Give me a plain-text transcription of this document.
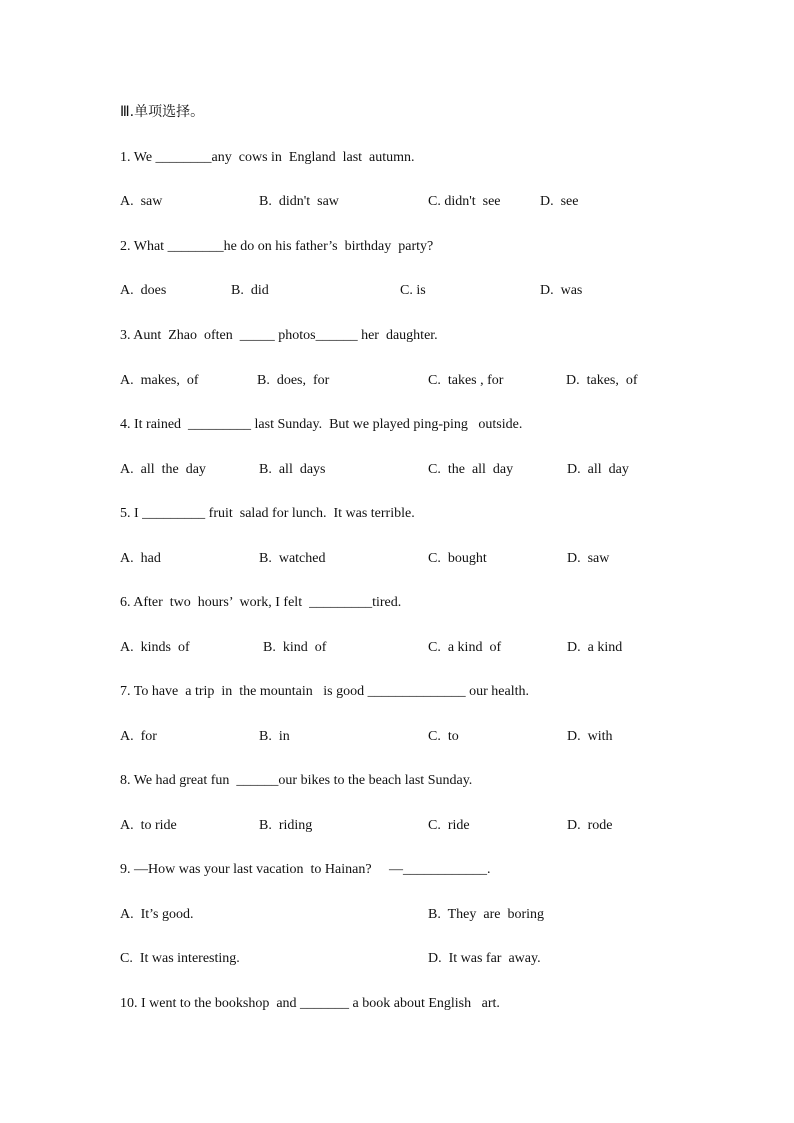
Ⅲ.单项选择。
1. We ________any  cows in  England  last  autumn.
A.  saw	B.  didn't  saw	C. didn't  see	D.  see
2. What ________he do on his father’s  birthday  party?
A.  does	B.  did	C. is	D.  was
3. Aunt  Zhao  often  _____ photos______ her  daughter.
A.  makes,  of	B.  does,  for	C.  takes , for	D.  takes,  of
4. It rained  _________ last Sunday.  But we played ping-ping   outside.
A.  all  the  day	B.  all  days	C.  the  all  day	D.  all  day
5. I _________ fruit  salad for lunch.  It was terrible.
A.  had	B.  watched	C.  bought	D.  saw
6. After  two  hours’  work, I felt  _________tired.
A.  kinds  of	B.  kind  of	C.  a kind  of	D.  a kind
7. To have  a trip  in  the mountain   is good ______________ our health.
A.  for	B.  in	C.  to	D.  with
8. We had great fun  ______our bikes to the beach last Sunday.
A.  to ride	B.  riding	C.  ride	D.  rode
9. —How was your last vacation  to Hainan?     —____________.
A.  It’s good.	B.  They  are  boring
C.  It was interesting.	D.  It was far  away.
10. I went to the bookshop  and _______ a book about English   art.
